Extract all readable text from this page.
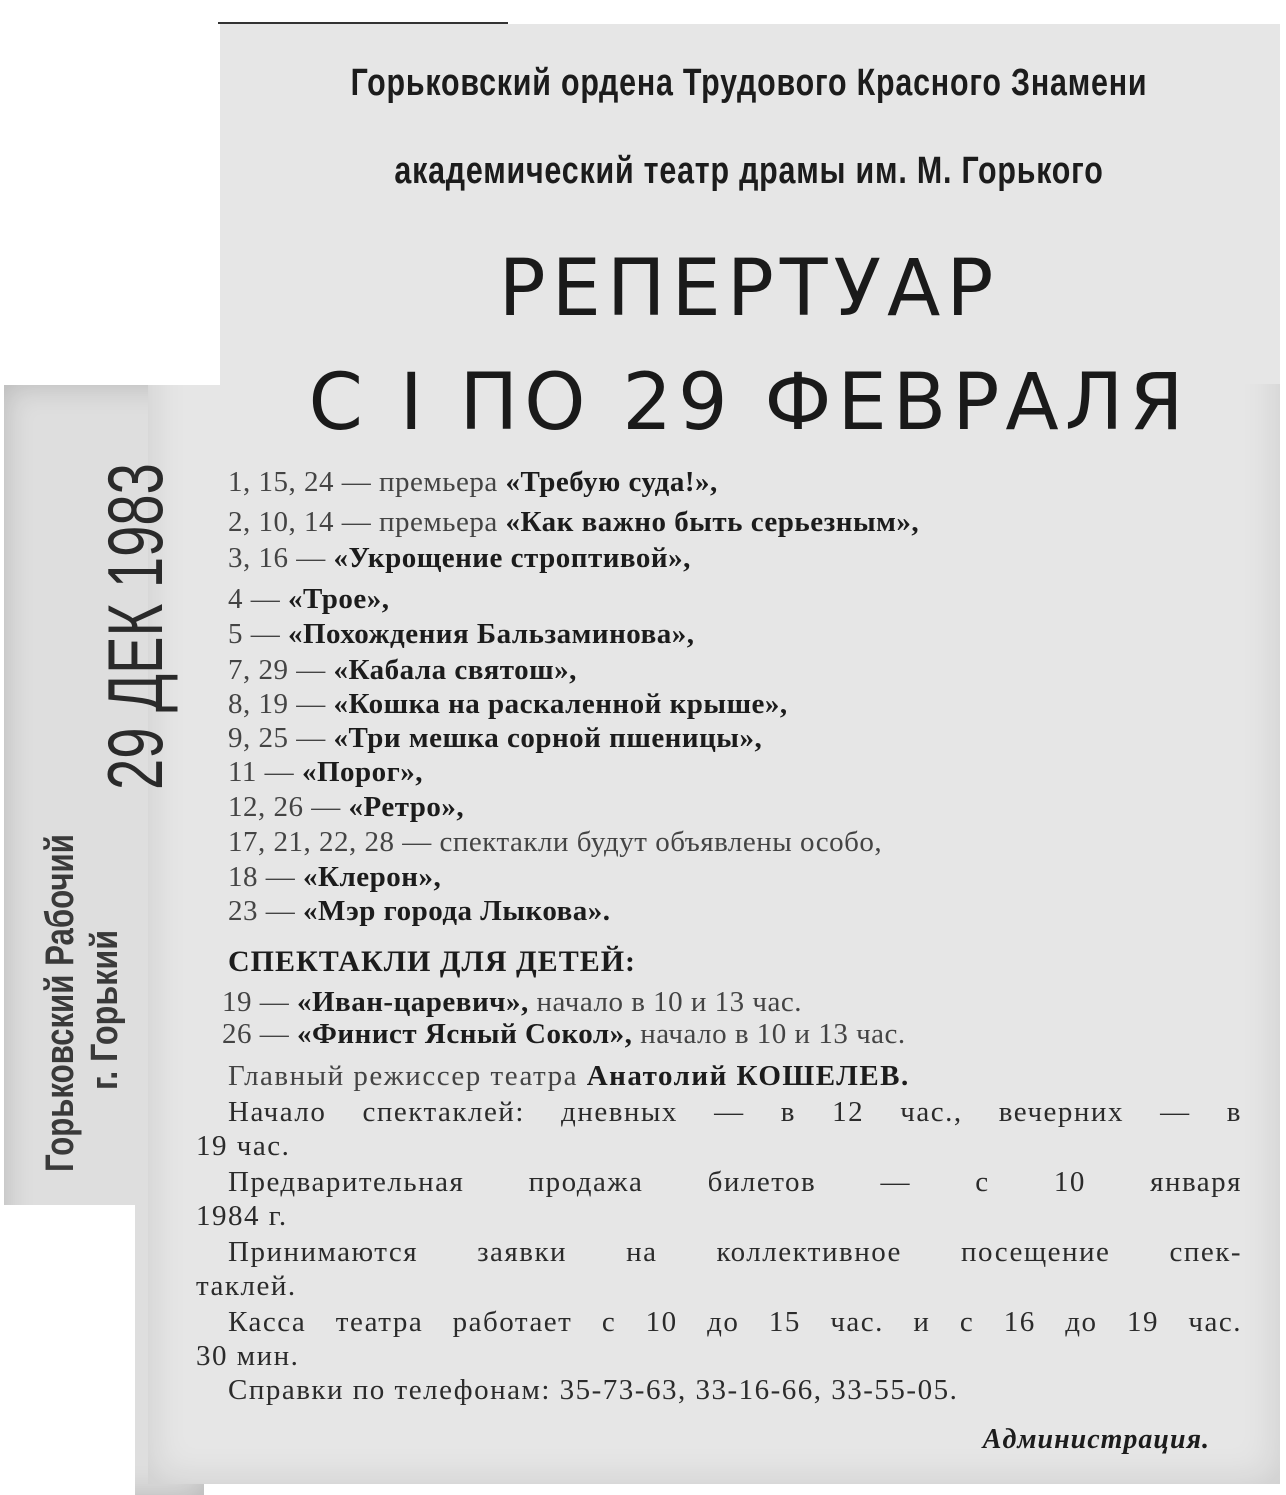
Горьковский Рабочий г. Горький
29 ДЕК 1983
Горьковский ордена Трудового Красного Знамени
академический театр драмы им. М. Горького
РЕПЕРТУАР
С I ПО 29 ФЕВРАЛЯ
1, 15, 24 — премьера «Требую суда!»,
2, 10, 14 — премьера «Как важно быть серьезным»,
3, 16 — «Укрощение строптивой»,
4 — «Трое»,
5 — «Похождения Бальзаминова»,
7, 29 — «Кабала святош»,
8, 19 — «Кошка на раскаленной крыше»,
9, 25 — «Три мешка сорной пшеницы»,
11 — «Порог»,
12, 26 — «Ретро»,
17, 21, 22, 28 — спектакли будут объявлены особо,
18 — «Клерон»,
23 — «Мэр города Лыкова».
СПЕКТАКЛИ ДЛЯ ДЕТЕЙ:
19 — «Иван-царевич», начало в 10 и 13 час.
26 — «Финист Ясный Сокол», начало в 10 и 13 час.
Главный режиссер театра Анатолий КОШЕЛЕВ.
Начало спектаклей: дневных — в 12 час., вечерних — в
19 час.
Предварительная продажа билетов — с 10 января
1984 г.
Принимаются заявки на коллективное посещение спек-
таклей.
Касса театра работает с 10 до 15 час. и с 16 до 19 час.
30 мин.
Справки по телефонам: 35-73-63, 33-16-66, 33-55-05.
Администрация.
